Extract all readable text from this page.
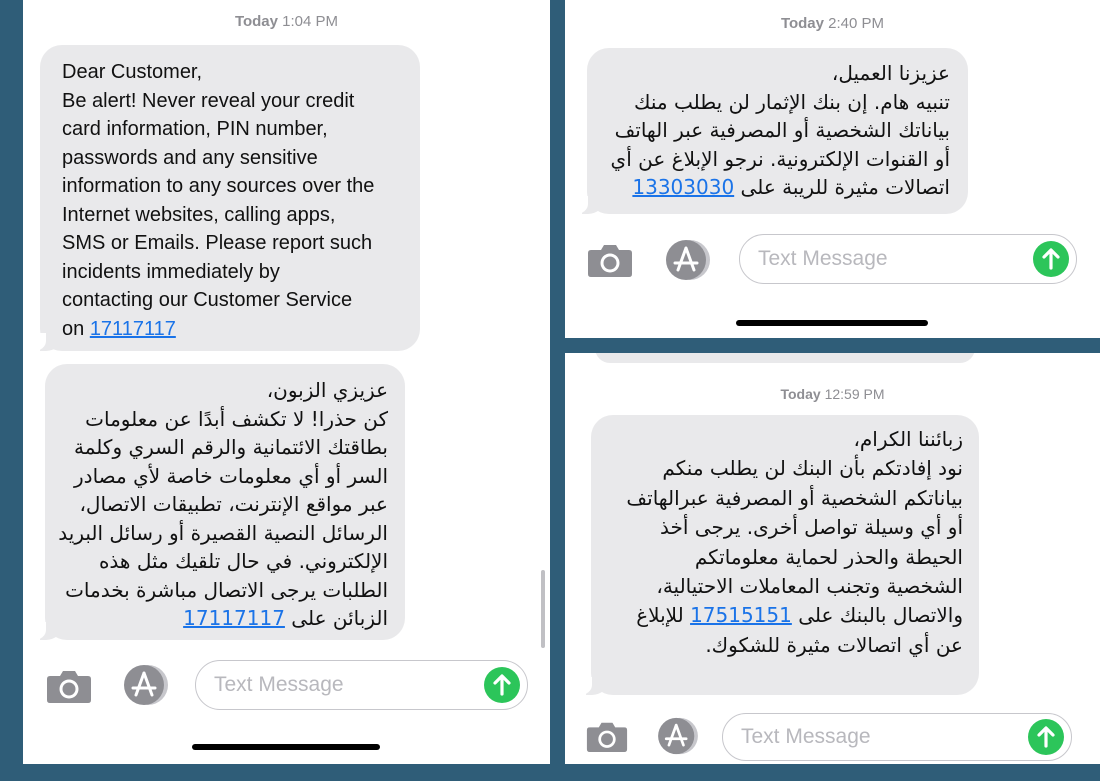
Today 1:04 PM
Dear Customer,
Be alert! Never reveal your credit
card information, PIN number,
passwords and any sensitive
information to any sources over the
Internet websites, calling apps,
SMS or Emails. Please report such
incidents immediately by
contacting our Customer Service
on 17117117
عزيزي الزبون،
كن حذرا! لا تكشف أبدًا عن معلومات
بطاقتك الائتمانية والرقم السري وكلمة
السر أو أي معلومات خاصة لأي مصادر
عبر مواقع الإنترنت، تطبيقات الاتصال،
الرسائل النصية القصيرة أو رسائل البريد
الإلكتروني. في حال تلقيك مثل هذه
الطلبات يرجى الاتصال مباشرة بخدمات
الزبائن على 17117117
Text Message
Today 2:40 PM
عزيزنا العميل،
تنبيه هام. إن بنك الإثمار لن يطلب منك
بياناتك الشخصية أو المصرفية عبر الهاتف
أو القنوات الإلكترونية. نرجو الإبلاغ عن أي
اتصالات مثيرة للريبة على 13303030
Text Message
Today 12:59 PM
زبائننا الكرام،
نود إفادتكم بأن البنك لن يطلب منكم
بياناتكم الشخصية أو المصرفية عبرالهاتف
أو أي وسيلة تواصل أخرى. يرجى أخذ
الحيطة والحذر لحماية معلوماتكم
الشخصية وتجنب المعاملات الاحتيالية،
والاتصال بالبنك على 17515151 للإبلاغ
عن أي اتصالات مثيرة للشكوك.
Text Message
